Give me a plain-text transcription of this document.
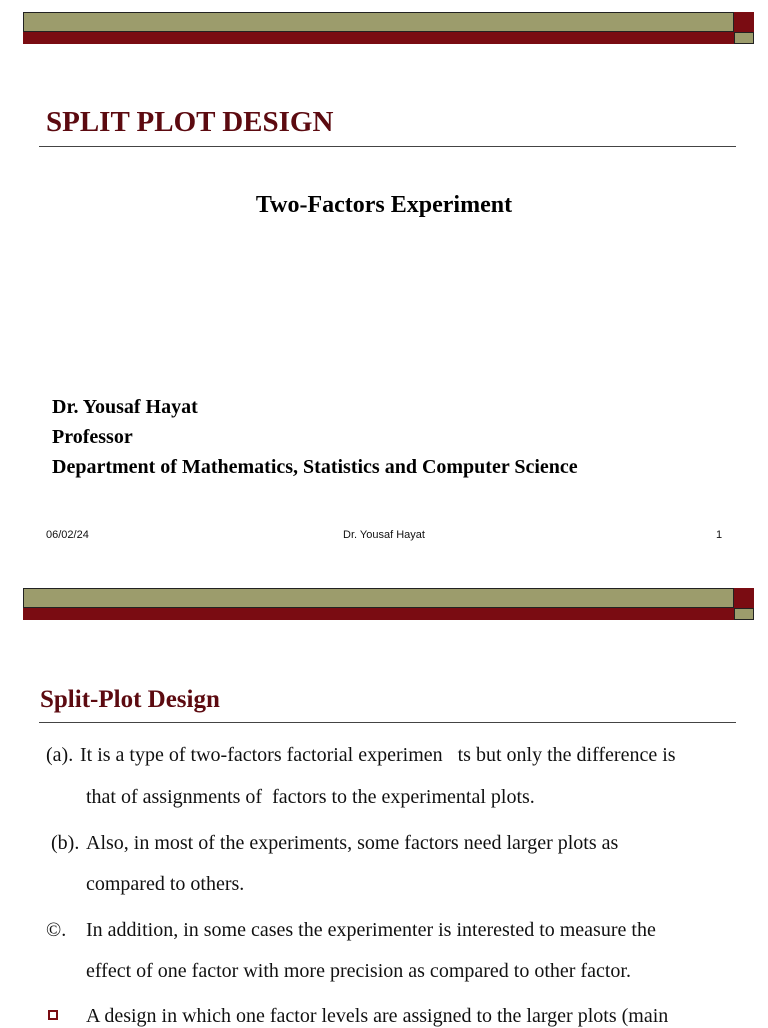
SPLIT PLOT DESIGN
Two-Factors Experiment
Dr. Yousaf Hayat
Professor
Department of Mathematics, Statistics and Computer Science
06/02/24	Dr. Yousaf Hayat	1
Split-Plot Design
(a). It is a type of two-factors factorial experimen   ts but only the difference is
that of assignments of  factors to the experimental plots.
(b). Also, in most of the experiments, some factors need larger plots as
compared to others.
©. In addition, in some cases the experimenter is interested to measure the
effect of one factor with more precision as compared to other factor.
A design in which one factor levels are assigned to the larger plots (main
